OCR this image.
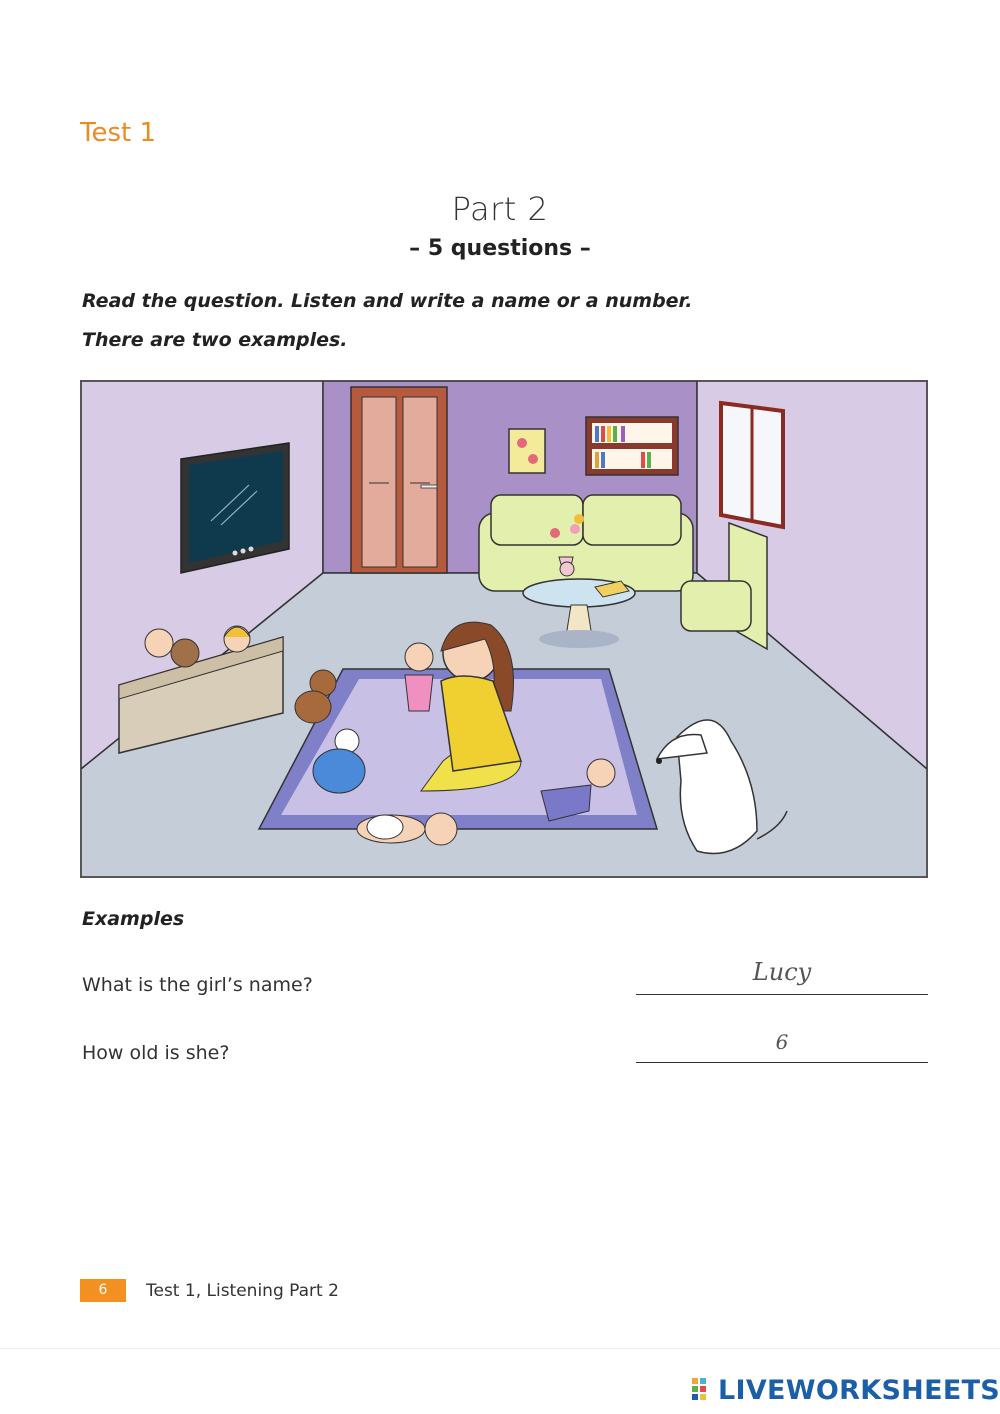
Test 1
Part 2
– 5 questions –
Read the question. Listen and write a name or a number.
There are two examples.
Examples
What is the girl’s name?	Lucy
How old is she?	6
6	Test 1, Listening Part 2
LIVEWORKSHEETS
